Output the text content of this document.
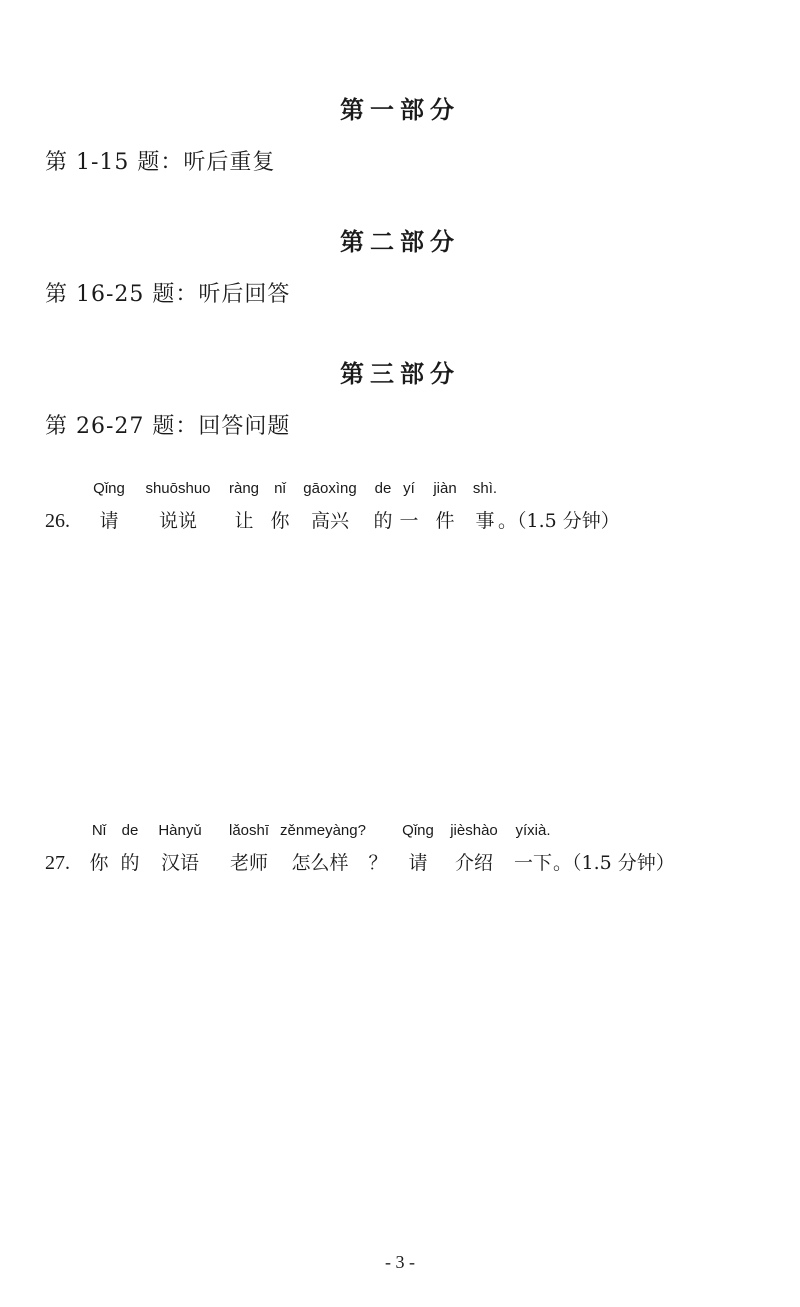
第一部分
第 1-15 题：听后重复
第二部分
第 16-25 题：听后回答
第三部分
第 26-27 题：回答问题
26.
Qǐng shuōshuo ràng nǐ gāoxìng de yí jiàn shì.
请 说说 让 你 高兴 的 一 件 事 。（1.5 分钟）
27.
Nǐ de Hànyǔ lǎoshī zěnmeyàng? Qǐng jièshào yíxià.
你 的 汉语 老师 怎么样 ？ 请 介绍 一下 。（1.5 分钟）
- 3 -
